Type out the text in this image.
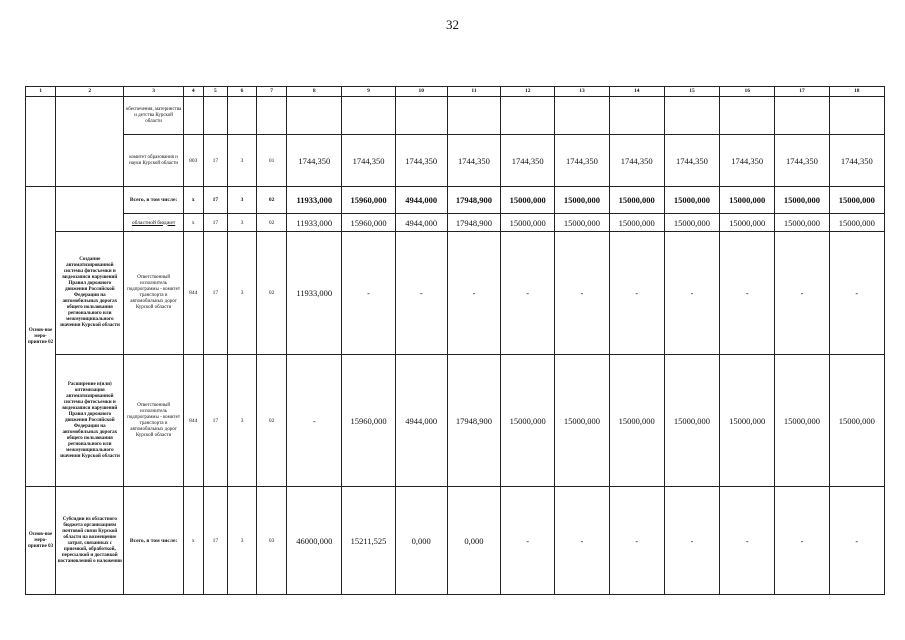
32
1	2	3	4	5	6	7	8	9	10	11	12	13	14	15	16	17	18
		обеспечения, материнства и детства Курской области															
		комитет образования и науки Курской области	803	17	3	01	1744,350	1744,350	1744,350	1744,350	1744,350	1744,350	1744,350	1744,350	1744,350	1744,350	1744,350
Основ-ное меро-приятие 02		Всего, в том числе:	х	17	3	02	11933,000	15960,000	4944,000	17948,900	15000,000	15000,000	15000,000	15000,000	15000,000	15000,000	15000,000
		областной бюджет	х	17	3	02	11933,000	15960,000	4944,000	17948,900	15000,000	15000,000	15000,000	15000,000	15000,000	15000,000	15000,000
	Создание автоматизированной системы фотосъемки и видеозаписи нарушений Правил дорожного движения Российской Федерации на автомобильных дорогах общего пользования регионального или межмуниципального значения Курской области	Ответственный исполнитель подпрограммы - комитет транспорта и автомобильных дорог Курской области	844	17	3	02	11933,000	-	-	-	-	-	-	-	-	-	-
	Расширение и(или) оптимизация автоматизированной системы фотосъемки и видеозаписи нарушений Правил дорожного движения Российской Федерации на автомобильных дорогах общего пользования регионального или межмуниципального значения Курской области	Ответственный исполнитель подпрограммы - комитет транспорта и автомобильных дорог Курской области	844	17	3	02	-	15960,000	4944,000	17948,900	15000,000	15000,000	15000,000	15000,000	15000,000	15000,000	15000,000
Основ-ное меро-приятие 03	Субсидии из областного бюджета организациям почтовой связи Курской области на возмещение затрат, связанных с приемкой, обработкой, пересылкой и доставкой постановлений о наложении	Всего, в том числе:	х	17	3	03	46000,000	15211,525	0,000	0,000	-	-	-	-	-	-	-
